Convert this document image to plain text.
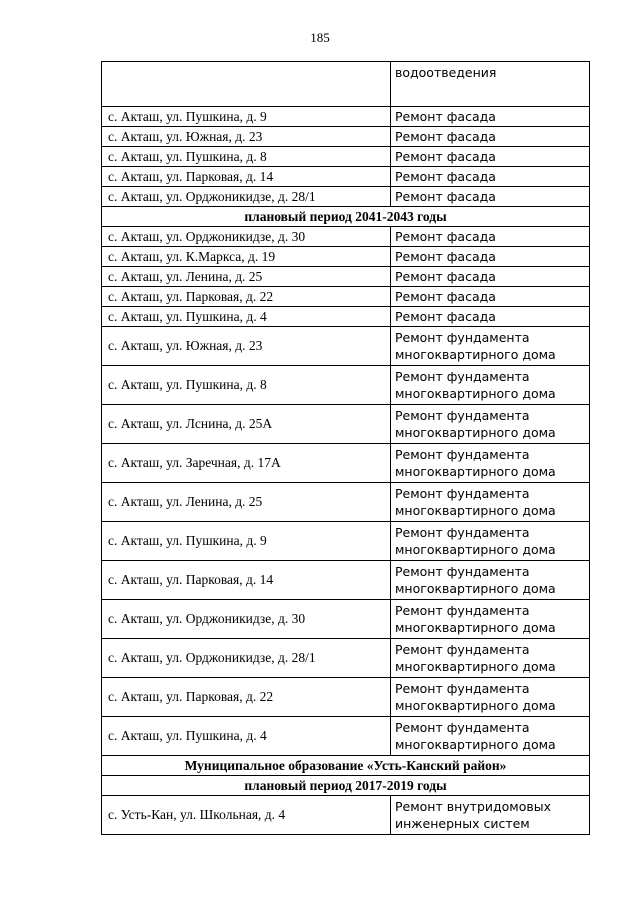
185
	водоотведения
с. Акташ, ул. Пушкина, д. 9	Ремонт фасада
с. Акташ, ул. Южная, д. 23	Ремонт фасада
с. Акташ, ул. Пушкина, д. 8	Ремонт фасада
с. Акташ, ул. Парковая, д. 14	Ремонт фасада
с. Акташ, ул. Орджоникидзе, д. 28/1	Ремонт фасада
плановый период 2041-2043 годы	
с. Акташ, ул. Орджоникидзе, д. 30	Ремонт фасада
с. Акташ, ул. К.Маркса, д. 19	Ремонт фасада
с. Акташ, ул. Ленина, д. 25	Ремонт фасада
с. Акташ, ул. Парковая, д. 22	Ремонт фасада
с. Акташ, ул. Пушкина, д. 4	Ремонт фасада
с. Акташ, ул. Южная, д. 23	Ремонт фундамента
многоквартирного дома
с. Акташ, ул. Пушкина, д. 8	Ремонт фундамента
многоквартирного дома
с. Акташ, ул. Лснина, д. 25А	Ремонт фундамента
многоквартирного дома
с. Акташ, ул. Заречная, д. 17А	Ремонт фундамента
многоквартирного дома
с. Акташ, ул. Ленина, д. 25	Ремонт фундамента
многоквартирного дома
с. Акташ, ул. Пушкина, д. 9	Ремонт фундамента
многоквартирного дома
с. Акташ, ул. Парковая, д. 14	Ремонт фундамента
многоквартирного дома
с. Акташ, ул. Орджоникидзе, д. 30	Ремонт фундамента
многоквартирного дома
с. Акташ, ул. Орджоникидзе, д. 28/1	Ремонт фундамента
многоквартирного дома
с. Акташ, ул. Парковая, д. 22	Ремонт фундамента
многоквартирного дома
с. Акташ, ул. Пушкина, д. 4	Ремонт фундамента
многоквартирного дома
Муниципальное образование «Усть-Канский район»	
плановый период 2017-2019 годы	
с. Усть-Кан, ул. Школьная, д. 4	Ремонт внутридомовых
инженерных систем
